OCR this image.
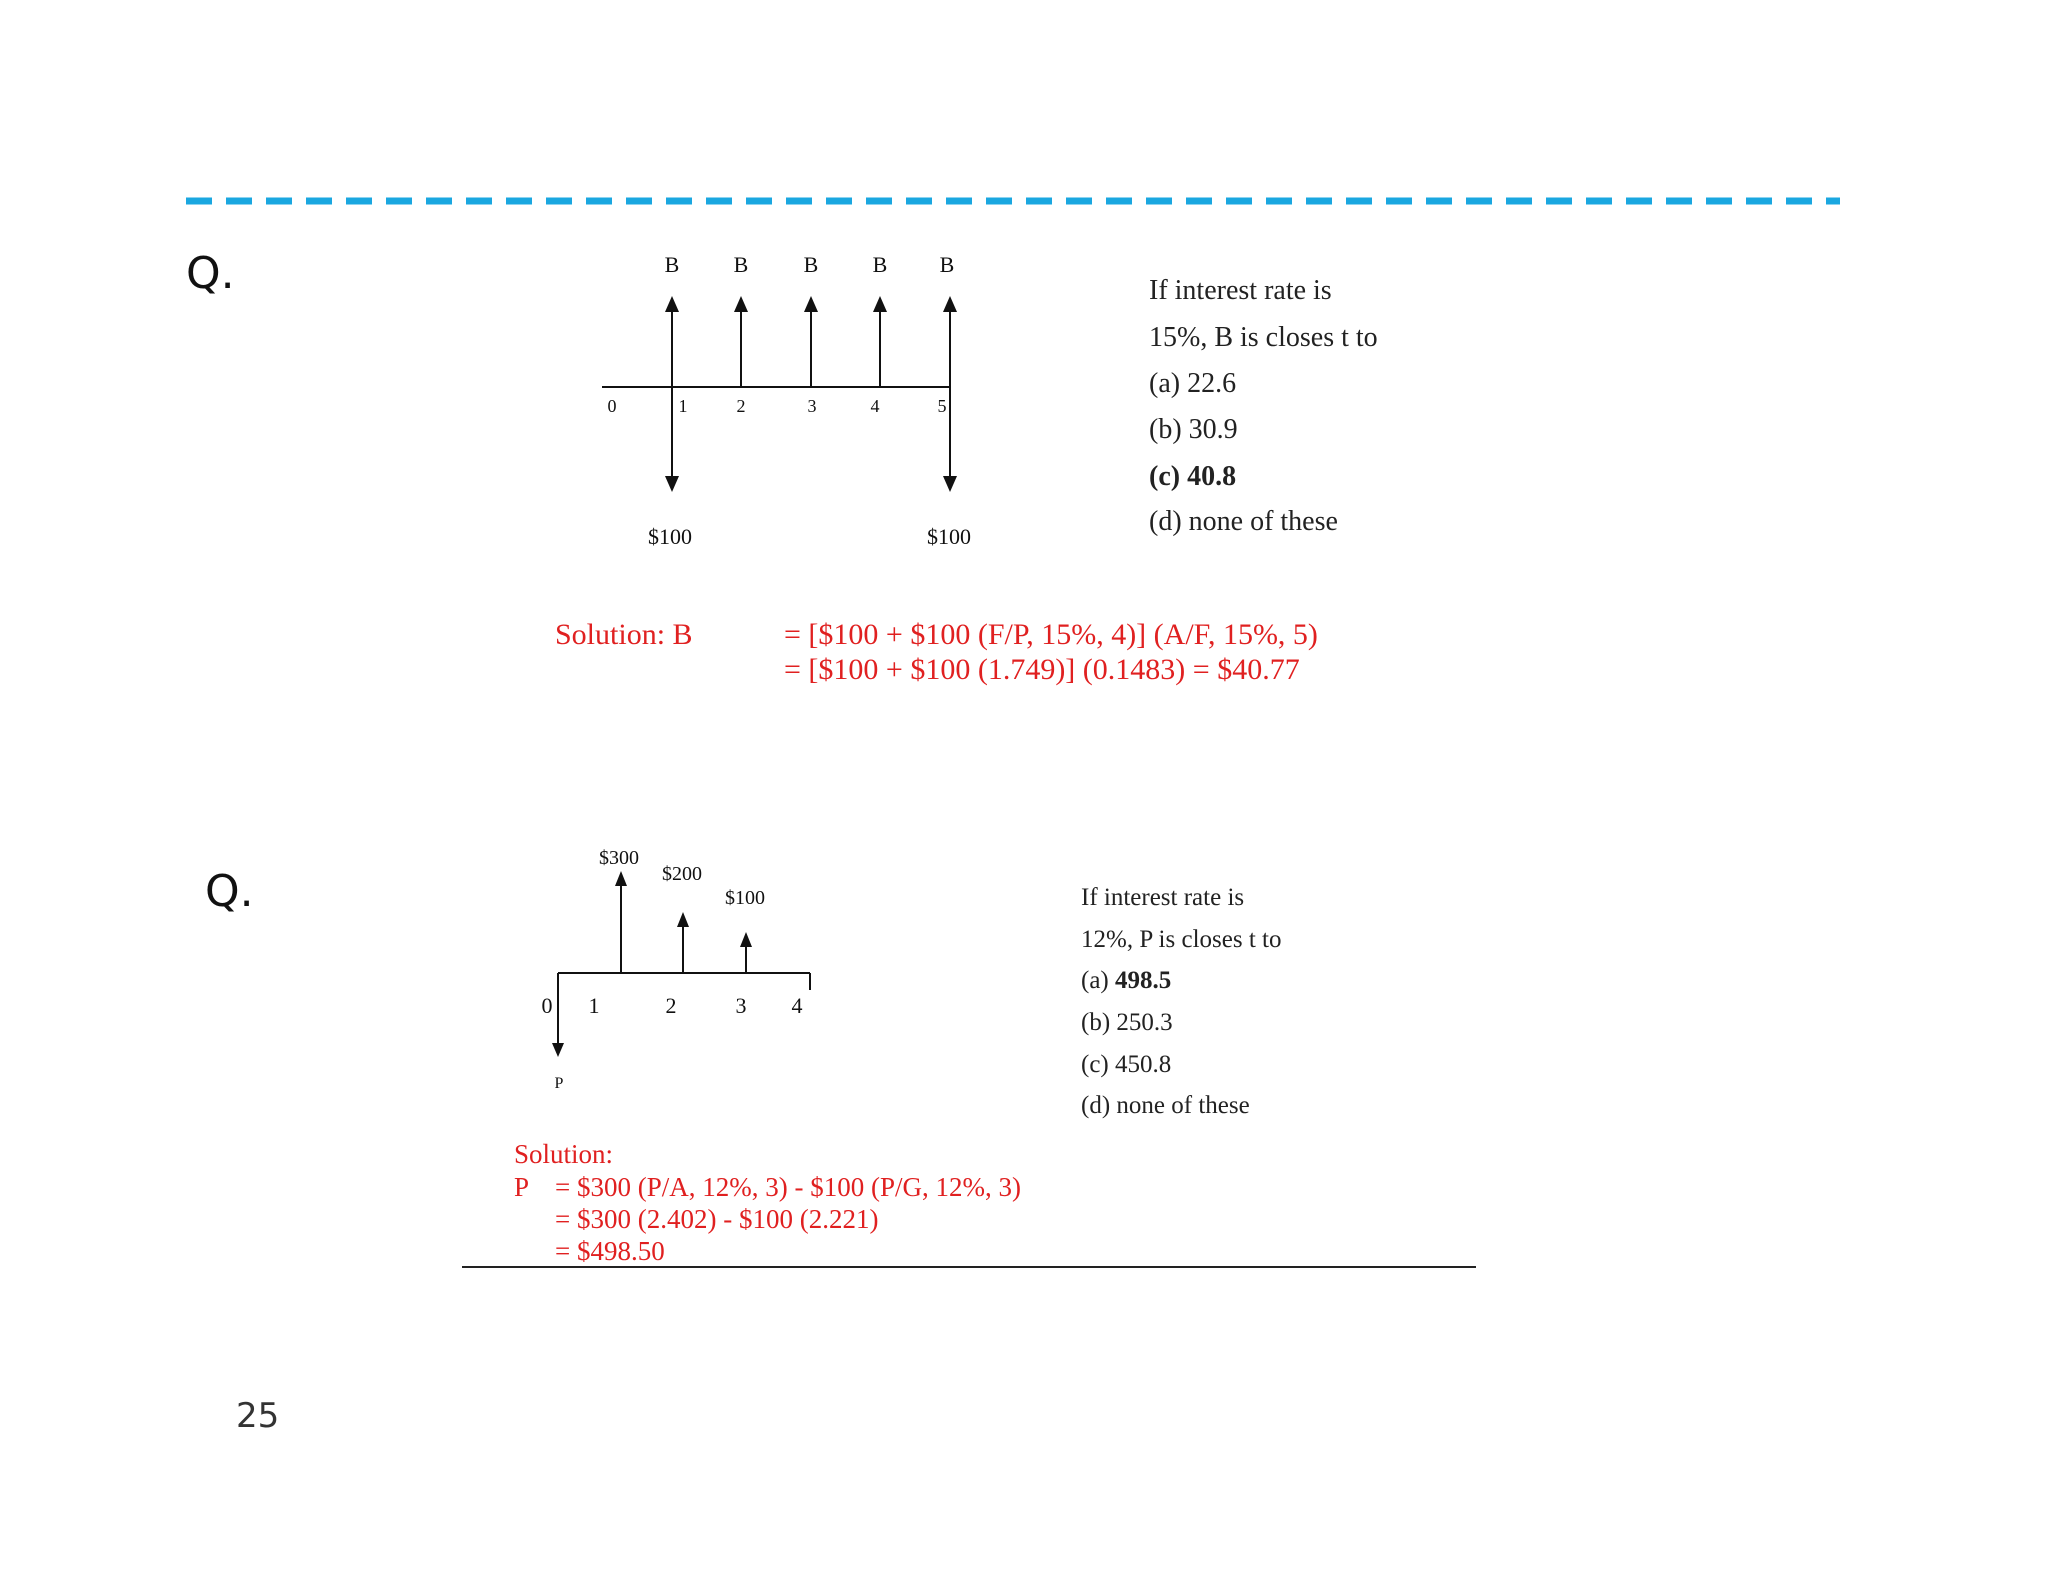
Q.	B B	B B B
0	1	2	3	4	5
$100	$100
If interest rate is
15%, B is closes t to
(a) 22.6
(b) 30.9
(c) 40.8
(d) none of these
Solution: B	= [$100 + $100 (F/P, 15%, 4)] (A/F, 15%, 5)
= [$100 + $100 (1.749)] (0.1483) = $40.77
Q.
$300
$200
$100
0 1	2	3 4
P
If interest rate is
12%, P is closes t to
(a) 498.5
(b) 250.3
(c) 450.8
(d) none of these
Solution:
P = $300 (P/A, 12%, 3) - $100 (P/G, 12%, 3)
= $300 (2.402) - $100 (2.221)
= $498.50
25
